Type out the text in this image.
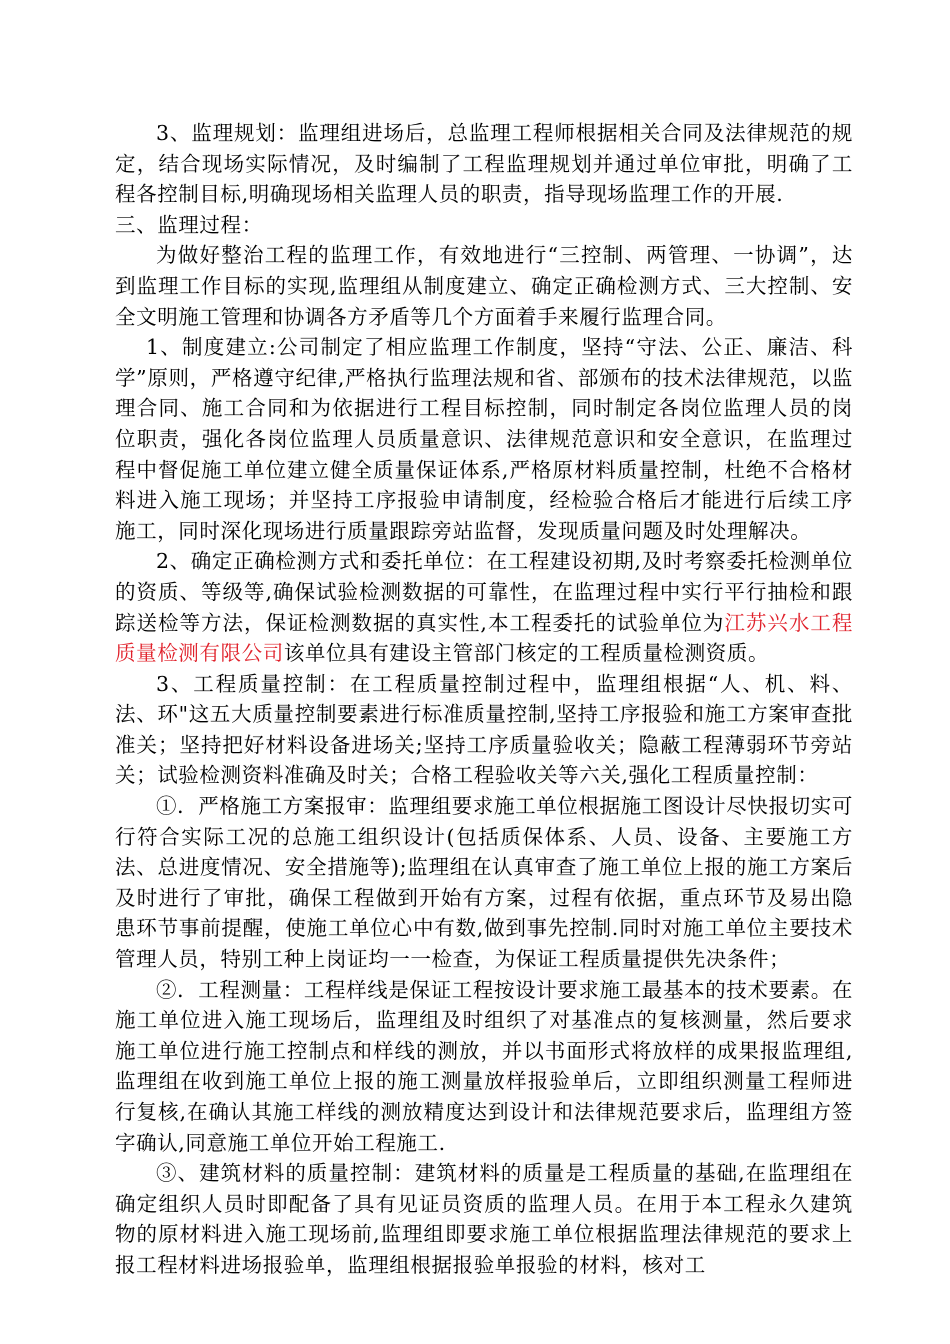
3、监理规划：监理组进场后，总监理工程师根据相关合同及法律规范的规定，结合现场实际情况，及时编制了工程监理规划并通过单位审批，明确了工程各控制目标,明确现场相关监理人员的职责，指导现场监理工作的开展.

三、监理过程：

为做好整治工程的监理工作，有效地进行“三控制、两管理、一协调”，达到监理工作目标的实现,监理组从制度建立、确定正确检测方式、三大控制、安全文明施工管理和协调各方矛盾等几个方面着手来履行监理合同。

1、制度建立:公司制定了相应监理工作制度，坚持“守法、公正、廉洁、科学”原则，严格遵守纪律,严格执行监理法规和省、部颁布的技术法律规范，以监理合同、施工合同和为依据进行工程目标控制，同时制定各岗位监理人员的岗位职责，强化各岗位监理人员质量意识、法律规范意识和安全意识，在监理过程中督促施工单位建立健全质量保证体系,严格原材料质量控制，杜绝不合格材料进入施工现场；并坚持工序报验申请制度，经检验合格后才能进行后续工序施工，同时深化现场进行质量跟踪旁站监督，发现质量问题及时处理解决。

2、确定正确检测方式和委托单位：在工程建设初期,及时考察委托检测单位的资质、等级等,确保试验检测数据的可靠性，在监理过程中实行平行抽检和跟踪送检等方法，保证检测数据的真实性,本工程委托的试验单位为江苏兴水工程质量检测有限公司该单位具有建设主管部门核定的工程质量检测资质。

3、工程质量控制：在工程质量控制过程中，监理组根据“人、机、料、法、环"这五大质量控制要素进行标准质量控制,坚持工序报验和施工方案审查批准关；坚持把好材料设备进场关;坚持工序质量验收关；隐蔽工程薄弱环节旁站关；试验检测资料准确及时关；合格工程验收关等六关,强化工程质量控制：

①．严格施工方案报审：监理组要求施工单位根据施工图设计尽快报切实可行符合实际工况的总施工组织设计(包括质保体系、人员、设备、主要施工方法、总进度情况、安全措施等);监理组在认真审查了施工单位上报的施工方案后及时进行了审批，确保工程做到开始有方案，过程有依据，重点环节及易出隐患环节事前提醒，使施工单位心中有数,做到事先控制.同时对施工单位主要技术管理人员，特别工种上岗证均一一检查，为保证工程质量提供先决条件；

②．工程测量：工程样线是保证工程按设计要求施工最基本的技术要素。在施工单位进入施工现场后，监理组及时组织了对基准点的复核测量，然后要求施工单位进行施工控制点和样线的测放，并以书面形式将放样的成果报监理组,监理组在收到施工单位上报的施工测量放样报验单后，立即组织测量工程师进行复核,在确认其施工样线的测放精度达到设计和法律规范要求后，监理组方签字确认,同意施工单位开始工程施工.

③、建筑材料的质量控制：建筑材料的质量是工程质量的基础,在监理组在确定组织人员时即配备了具有见证员资质的监理人员。在用于本工程永久建筑物的原材料进入施工现场前,监理组即要求施工单位根据监理法律规范的要求上报工程材料进场报验单，监理组根据报验单报验的材料，核对工
